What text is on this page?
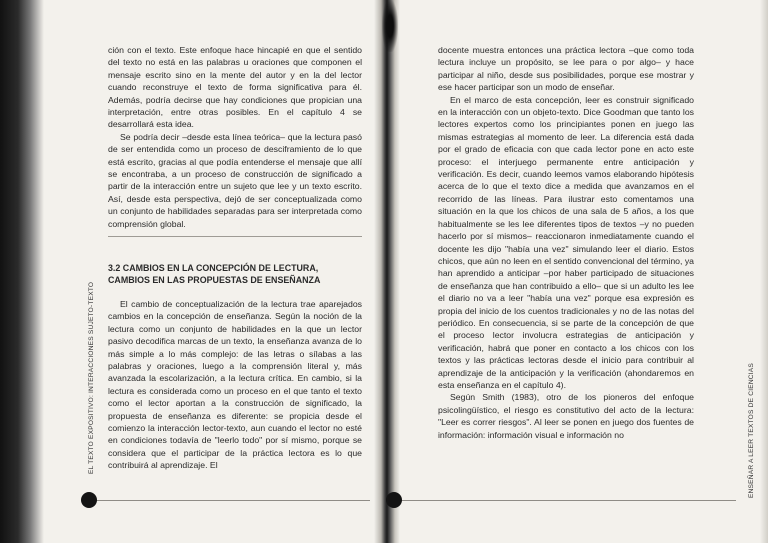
ción con el texto. Este enfoque hace hincapié en que el sentido del texto no está en las palabras u oraciones que componen el mensaje escrito sino en la mente del autor y en la del lector cuando reconstruye el texto de forma significativa para él. Además, podría decirse que hay condiciones que propician una interpretación, entre otras posibles. En el capítulo 4 se desarrollará esta idea.

Se podría decir –desde esta línea teórica– que la lectura pasó de ser entendida como un proceso de desciframiento de lo que está escrito, gracias al que podía entenderse el mensaje que allí se encontraba, a un proceso de construcción de significado a partir de la interacción entre un sujeto que lee y un texto escrito. Así, desde esta perspectiva, dejó de ser conceptualizada como un conjunto de habilidades separadas para ser interpretada como comprensión global.

3.2 CAMBIOS EN LA CONCEPCIÓN DE LECTURA, CAMBIOS EN LAS PROPUESTAS DE ENSEÑANZA

El cambio de conceptualización de la lectura trae aparejados cambios en la concepción de enseñanza. Según la noción de la lectura como un conjunto de habilidades en la que un lector pasivo decodifica marcas de un texto, la enseñanza avanza de lo más simple a lo más complejo: de las letras o sílabas a las palabras y oraciones, luego a la comprensión literal y, más avanzada la escolarización, a la lectura crítica. En cambio, si la lectura es considerada como un proceso en el que tanto el texto como el lector aportan a la construcción de significado, la propuesta de enseñanza es diferente: se propicia desde el comienzo la interacción lector-texto, aun cuando el lector no esté en condiciones todavía de "leerlo todo" por sí mismo, porque se considera que el participar de la práctica lectora es lo que contribuirá al aprendizaje. El

EL TEXTO EXPOSITIVO: INTERACCIONES SUJETO-TEXTO

docente muestra entonces una práctica lectora –que como toda lectura incluye un propósito, se lee para o por algo– y hace participar al niño, desde sus posibilidades, porque ese mostrar y ese hacer participar son un modo de enseñar.

En el marco de esta concepción, leer es construir significado en la interacción con un objeto-texto. Dice Goodman que tanto los lectores expertos como los principiantes ponen en juego las mismas estrategias al momento de leer. La diferencia está dada por el grado de eficacia con que cada lector pone en acto este proceso: el interjuego permanente entre anticipación y verificación. Es decir, cuando leemos vamos elaborando hipótesis acerca de lo que el texto dice a medida que avanzamos en el recorrido de las líneas. Para ilustrar esto comentamos una situación en la que los chicos de una sala de 5 años, a los que habitualmente se les lee diferentes tipos de textos –y no pueden hacerlo por sí mismos– reaccionaron inmediatamente cuando el docente les dijo "había una vez" simulando leer el diario. Estos chicos, que aún no leen en el sentido convencional del término, ya han aprendido a anticipar –por haber participado de situaciones de enseñanza que han contribuido a ello– que si un adulto les lee el diario no va a leer "había una vez" porque esa expresión es propia del inicio de los cuentos tradicionales y no de las notas del periódico. En consecuencia, si se parte de la concepción de que el proceso lector involucra estrategias de anticipación y verificación, habrá que poner en contacto a los chicos con los textos y las prácticas lectoras desde el inicio para contribuir al aprendizaje de la anticipación y la verificación (ahondaremos en esta enseñanza en el capítulo 4).

Según Smith (1983), otro de los pioneros del enfoque psicolingüístico, el riesgo es constitutivo del acto de la lectura: "Leer es correr riesgos". Al leer se ponen en juego dos fuentes de información: información visual e información no	ENSEÑAR A LEER TEXTOS DE CIENCIAS
